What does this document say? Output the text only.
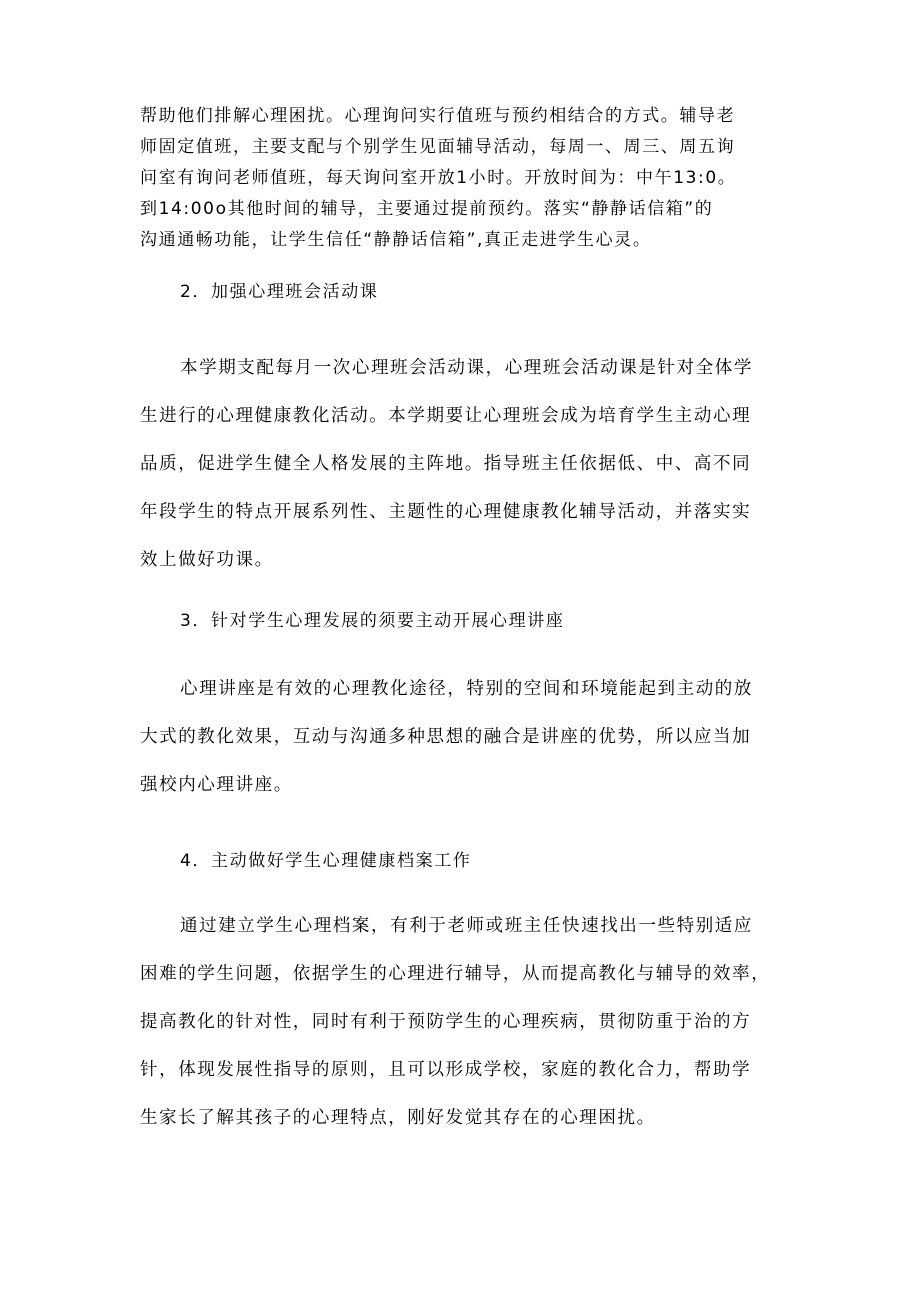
帮助他们排解心理困扰。心理询问实行值班与预约相结合的方式。辅导老
师固定值班，主要支配与个别学生见面辅导活动，每周一、周三、周五询
问室有询问老师值班，每天询问室开放1小时。开放时间为：中午13:0。
到14:00o其他时间的辅导，主要通过提前预约。落实“静静话信箱”的
沟通通畅功能，让学生信任“静静话信箱”,真正走进学生心灵。
2．加强心理班会活动课
本学期支配每月一次心理班会活动课，心理班会活动课是针对全体学
生进行的心理健康教化活动。本学期要让心理班会成为培育学生主动心理
品质，促进学生健全人格发展的主阵地。指导班主任依据低、中、高不同
年段学生的特点开展系列性、主题性的心理健康教化辅导活动，并落实实
效上做好功课。
3．针对学生心理发展的须要主动开展心理讲座
心理讲座是有效的心理教化途径，特别的空间和环境能起到主动的放
大式的教化效果，互动与沟通多种思想的融合是讲座的优势，所以应当加
强校内心理讲座。
4．主动做好学生心理健康档案工作
通过建立学生心理档案，有利于老师或班主任快速找出一些特别适应
困难的学生问题，依据学生的心理进行辅导，从而提高教化与辅导的效率，
提高教化的针对性，同时有利于预防学生的心理疾病，贯彻防重于治的方
针，体现发展性指导的原则，且可以形成学校，家庭的教化合力，帮助学
生家长了解其孩子的心理特点，刚好发觉其存在的心理困扰。
